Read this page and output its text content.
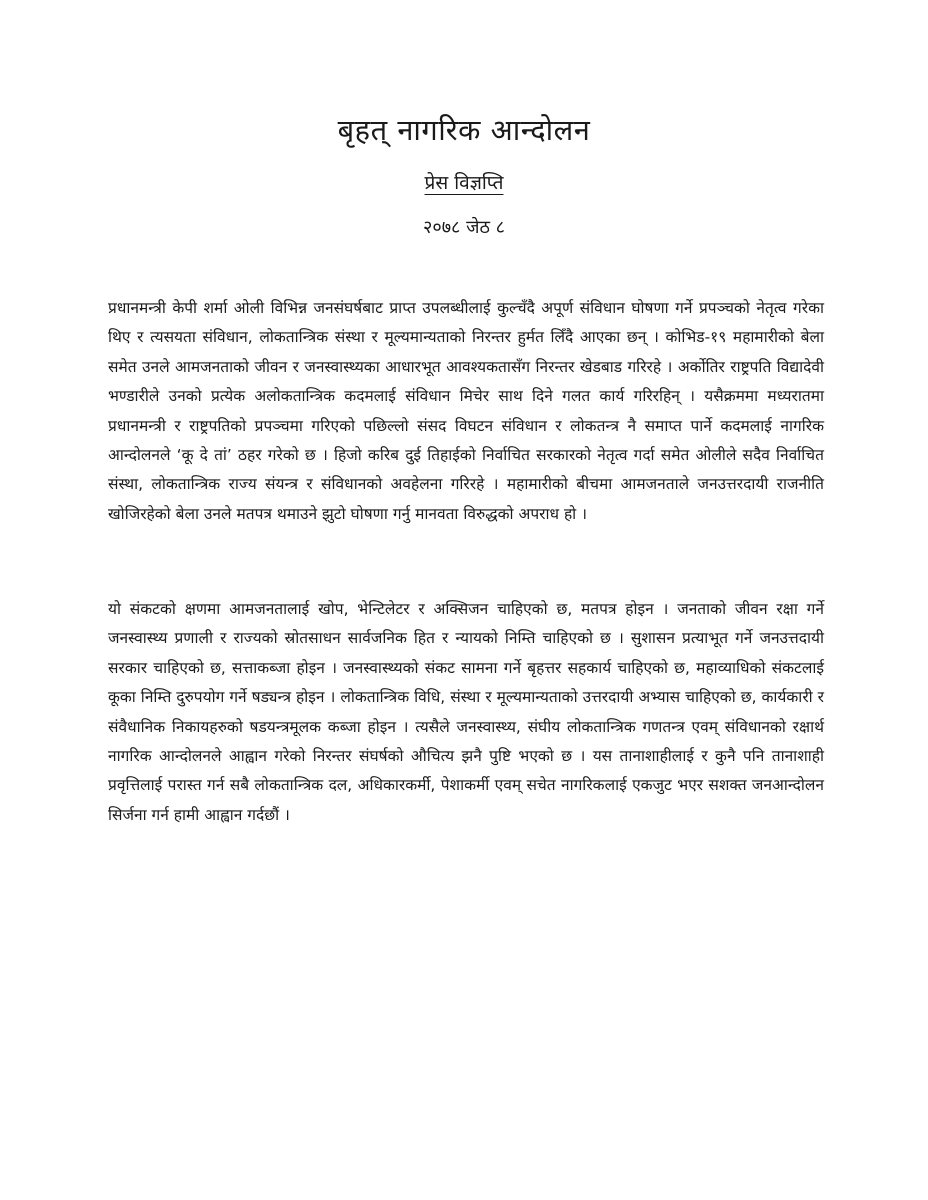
बृहत् नागरिक आन्दोलन
प्रेस विज्ञप्ति
२०७८ जेठ ८

प्रधानमन्त्री केपी शर्मा ओली विभिन्न जनसंघर्षबाट प्राप्त उपलब्धीलाई कुल्चँदै अपूर्ण संविधान घोषणा गर्ने प्रपञ्चको नेतृत्व गरेका थिए र त्यसयता संविधान, लोकतान्त्रिक संस्था र मूल्यमान्यताको निरन्तर हुर्मत लिँदै आएका छन् । कोभिड-१९ महामारीको बेला समेत उनले आमजनताको जीवन र जनस्वास्थ्यका आधारभूत आवश्यकतासँग निरन्तर खेडबाड गरिरहे । अर्कोतिर राष्ट्रपति विद्यादेवी भण्डारीले उनको प्रत्येक अलोकतान्त्रिक कदमलाई संविधान मिचेर साथ दिने गलत कार्य गरिरहिन् । यसैक्रममा मध्यरातमा प्रधानमन्त्री र राष्ट्रपतिको प्रपञ्चमा गरिएको पछिल्लो संसद विघटन संविधान र लोकतन्त्र नै समाप्त पार्ने कदमलाई नागरिक आन्दोलनले ‘कू दे तां’ ठहर गरेको छ । हिजो करिब दुई तिहाईको निर्वाचित सरकारको नेतृत्व गर्दा समेत ओलीले सदैव निर्वाचित संस्था, लोकतान्त्रिक राज्य संयन्त्र र संविधानको अवहेलना गरिरहे । महामारीको बीचमा आमजनताले जनउत्तरदायी राजनीति खोजिरहेको बेला उनले मतपत्र थमाउने झुटो घोषणा गर्नु मानवता विरुद्धको अपराध हो ।

यो संकटको क्षणमा आमजनतालाई खोप, भेन्टिलेटर र अक्सिजन चाहिएको छ, मतपत्र होइन । जनताको जीवन रक्षा गर्ने जनस्वास्थ्य प्रणाली र राज्यको स्रोतसाधन सार्वजनिक हित र न्यायको निम्ति चाहिएको छ । सुशासन प्रत्याभूत गर्ने जनउत्तदायी सरकार चाहिएको छ, सत्ताकब्जा होइन । जनस्वास्थ्यको संकट सामना गर्ने बृहत्तर सहकार्य चाहिएको छ, महाव्याधिको संकटलाई कूका निम्ति दुरुपयोग गर्ने षड्यन्त्र होइन । लोकतान्त्रिक विधि, संस्था र मूल्यमान्यताको उत्तरदायी अभ्यास चाहिएको छ, कार्यकारी र संवैधानिक निकायहरुको षडयन्त्रमूलक कब्जा होइन । त्यसैले जनस्वास्थ्य, संघीय लोकतान्त्रिक गणतन्त्र एवम् संविधानको रक्षार्थ नागरिक आन्दोलनले आह्वान गरेको निरन्तर संघर्षको औचित्य झनै पुष्टि भएको छ । यस तानाशाहीलाई र कुनै पनि तानाशाही प्रवृत्तिलाई परास्त गर्न सबै लोकतान्त्रिक दल, अधिकारकर्मी, पेशाकर्मी एवम् सचेत नागरिकलाई एकजुट भएर सशक्त जनआन्दोलन सिर्जना गर्न हामी आह्वान गर्दछौं ।
